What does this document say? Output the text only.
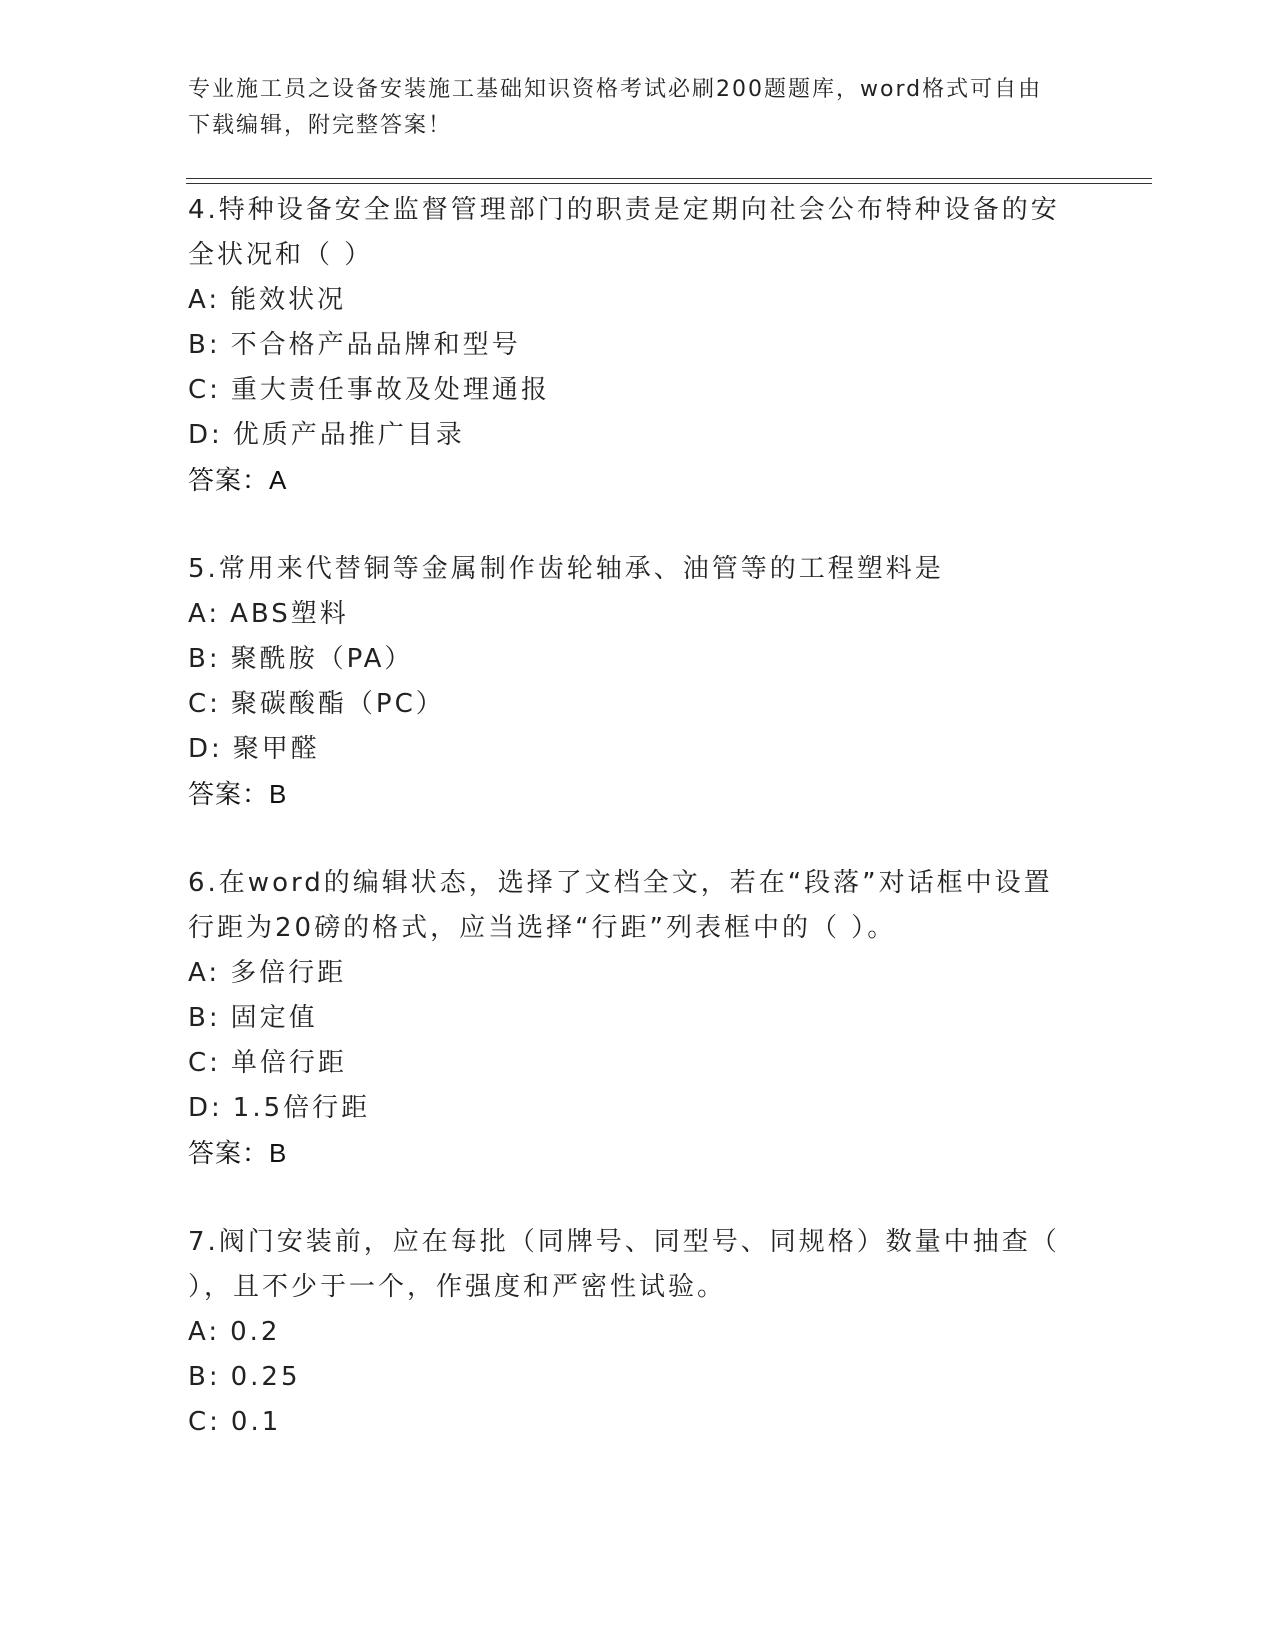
专业施工员之设备安装施工基础知识资格考试必刷200题题库，word格式可自由
下载编辑，附完整答案！

4.特种设备安全监督管理部门的职责是定期向社会公布特种设备的安

全状况和（ ）

A: 能效状况

B: 不合格产品品牌和型号

C: 重大责任事故及处理通报

D: 优质产品推广目录

答案：A

5.常用来代替铜等金属制作齿轮轴承、油管等的工程塑料是

A: ABS塑料

B: 聚酰胺（PA）

C: 聚碳酸酯（PC）

D: 聚甲醛

答案：B

6.在word的编辑状态，选择了文档全文，若在“段落”对话框中设置

行距为20磅的格式，应当选择“行距”列表框中的（ ）。

A: 多倍行距

B: 固定值

C: 单倍行距

D: 1.5倍行距

答案：B

7.阀门安装前，应在每批（同牌号、同型号、同规格）数量中抽查（

），且不少于一个，作强度和严密性试验。

A: 0.2

B: 0.25

C: 0.1
